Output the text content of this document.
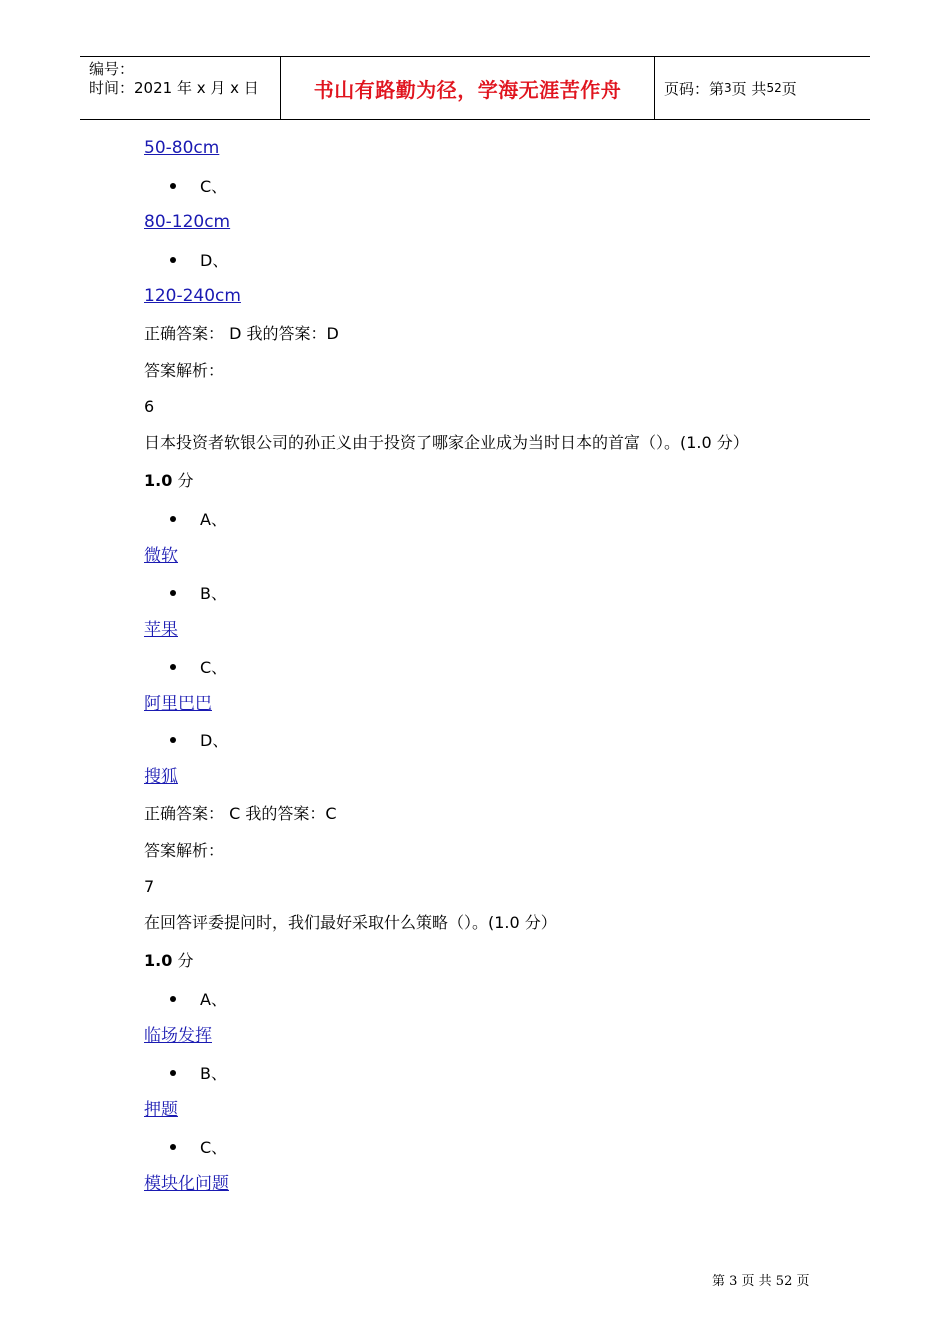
编号：
时间：2021 年 x 月 x 日	书山有路勤为径，学海无涯苦作舟	页码：第 3 页 共 52 页
50-80cm
C、
80-120cm
D、
120-240cm
正确答案： D 我的答案：D
答案解析：
6
日本投资者软银公司的孙正义由于投资了哪家企业成为当时日本的首富（）。(1.0 分）
1.0 分
A、
微软
B、
苹果
C、
阿里巴巴
D、
搜狐
正确答案： C 我的答案：C
答案解析：
7
在回答评委提问时，我们最好采取什么策略（）。(1.0 分）
1.0 分
A、
临场发挥
B、
押题
C、
模块化问题
第 3 页 共 52 页
